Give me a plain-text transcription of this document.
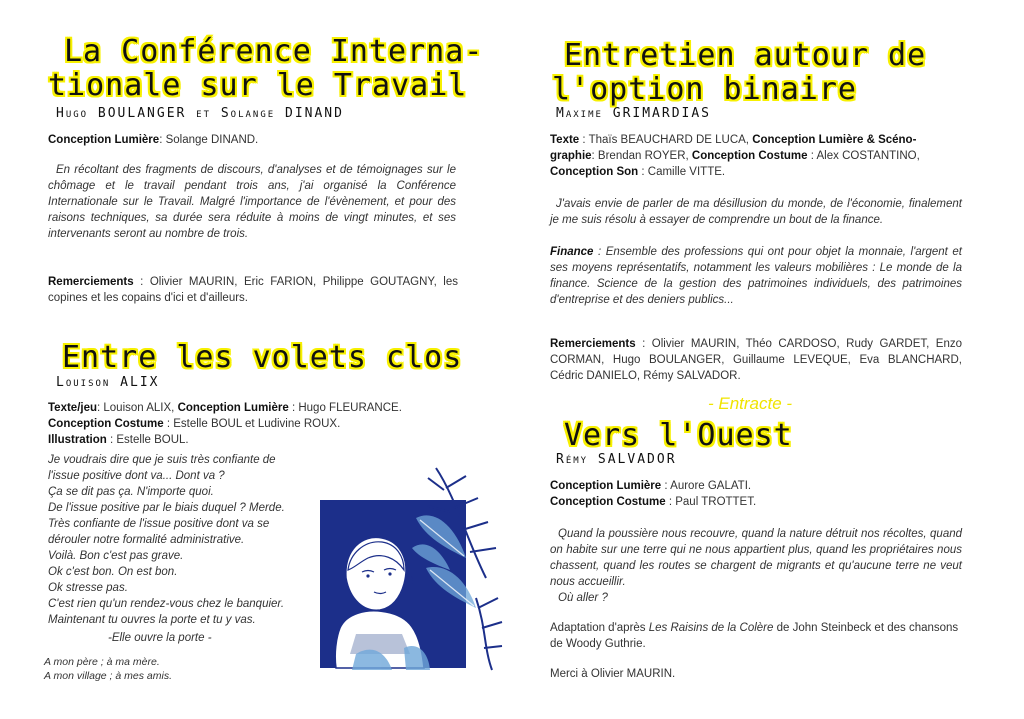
La Conférence Interna-
tionale sur le Travail
Hugo BOULANGER et Solange DINAND
Conception Lumière: Solange DINAND.

En récoltant des fragments de discours, d'analyses et de témoignages sur le chômage et le travail pendant trois ans, j'ai organisé la Conférence Internationale sur le Travail. Malgré l'importance de l'évènement, et pour des raisons techniques, sa durée sera réduite à moins de vingt minutes, et ses intervenants seront au nombre de trois.

Remerciements : Olivier MAURIN, Eric FARION, Philippe GOUTAGNY, les copines et les copains d'ici et d'ailleurs.
Entre les volets clos
Louison ALIX
Texte/jeu: Louison ALIX, Conception Lumière : Hugo FLEURANCE.
Conception Costume : Estelle BOUL et Ludivine ROUX.
Illustration : Estelle BOUL.
Je voudrais dire que je suis très confiante de
l'issue positive dont va... Dont va ?
Ça se dit pas ça. N'importe quoi.
De l'issue positive par le biais duquel ? Merde.
Très confiante de l'issue positive dont va se
dérouler notre formalité administrative.
Voilà. Bon c'est pas grave.
Ok c'est bon. On est bon.
Ok stresse pas.
C'est rien qu'un rendez-vous chez le banquier.
Maintenant tu ouvres la porte et tu y vas.
-Elle ouvre la porte -
A mon père ; à ma mère.
A mon village ; à mes amis.
Entretien autour de
l'option binaire
Maxime GRIMARDIAS
Texte : Thaïs BEAUCHARD DE LUCA, Conception Lumière & Scéno-
graphie: Brendan ROYER, Conception Costume : Alex COSTANTINO,
Conception Son : Camille VITTE.

J'avais envie de parler de ma désillusion du monde, de l'économie, finalement je me suis résolu à essayer de comprendre un bout de la finance.

Finance : Ensemble des professions qui ont pour objet la monnaie, l'argent et ses moyens représentatifs, notamment les valeurs mobilières : Le monde de la finance. Science de la gestion des patrimoines individuels, des patrimoines d'entreprise et des deniers publics...
Remerciements : Olivier MAURIN, Théo CARDOSO, Rudy GARDET, Enzo CORMAN, Hugo BOULANGER, Guillaume LEVEQUE, Eva BLANCHARD, Cédric DANIELO, Rémy SALVADOR.
- Entracte -
Vers l'Ouest
Rémy SALVADOR
Conception Lumière : Aurore GALATI.
Conception Costume : Paul TROTTET.

Quand la poussière nous recouvre, quand la nature détruit nos récoltes, quand on habite sur une terre qui ne nous appartient plus, quand les propriétaires nous chassent, quand les routes se chargent de migrants et qu'aucune terre ne veut nous accueillir.

Où aller ?
Adaptation d'après Les Raisins de la Colère de John Steinbeck et des chansons de Woody Guthrie.
Merci à Olivier MAURIN.
